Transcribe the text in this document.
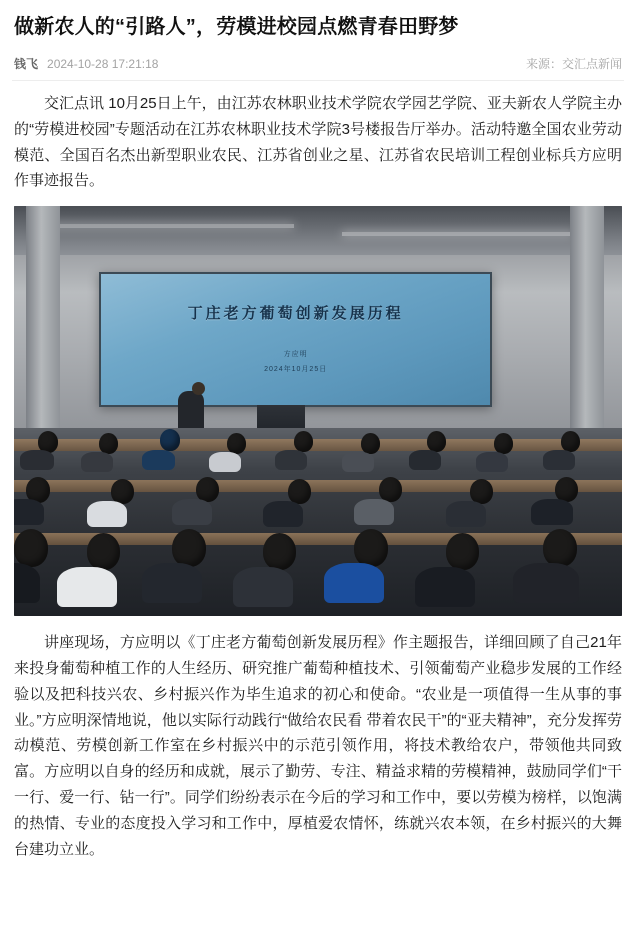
做新农人的“引路人”，劳模进校园点燃青春田野梦
钱飞 2024-10-28 17:21:18	来源：交汇点新闻

交汇点讯 10月25日上午，由江苏农林职业技术学院农学园艺学院、亚夫新农人学院主办的“劳模进校园”专题活动在江苏农林职业技术学院3号楼报告厅举办。活动特邀全国农业劳动模范、全国百名杰出新型职业农民、江苏省创业之星、江苏省农民培训工程创业标兵方应明作事迹报告。

丁庄老方葡萄创新发展历程
方应明
2024年10月25日

讲座现场，方应明以《丁庄老方葡萄创新发展历程》作主题报告，详细回顾了自己21年来投身葡萄种植工作的人生经历、研究推广葡萄种植技术、引领葡萄产业稳步发展的工作经验以及把科技兴农、乡村振兴作为毕生追求的初心和使命。“农业是一项值得一生从事的事业。”方应明深情地说，他以实际行动践行“做给农民看 带着农民干”的“亚夫精神”，充分发挥劳动模范、劳模创新工作室在乡村振兴中的示范引领作用，将技术教给农户，带领他共同致富。方应明以自身的经历和成就，展示了勤劳、专注、精益求精的劳模精神，鼓励同学们“干一行、爱一行、钻一行”。同学们纷纷表示在今后的学习和工作中，要以劳模为榜样，以饱满的热情、专业的态度投入学习和工作中，厚植爱农情怀，练就兴农本领，在乡村振兴的大舞台建功立业。
